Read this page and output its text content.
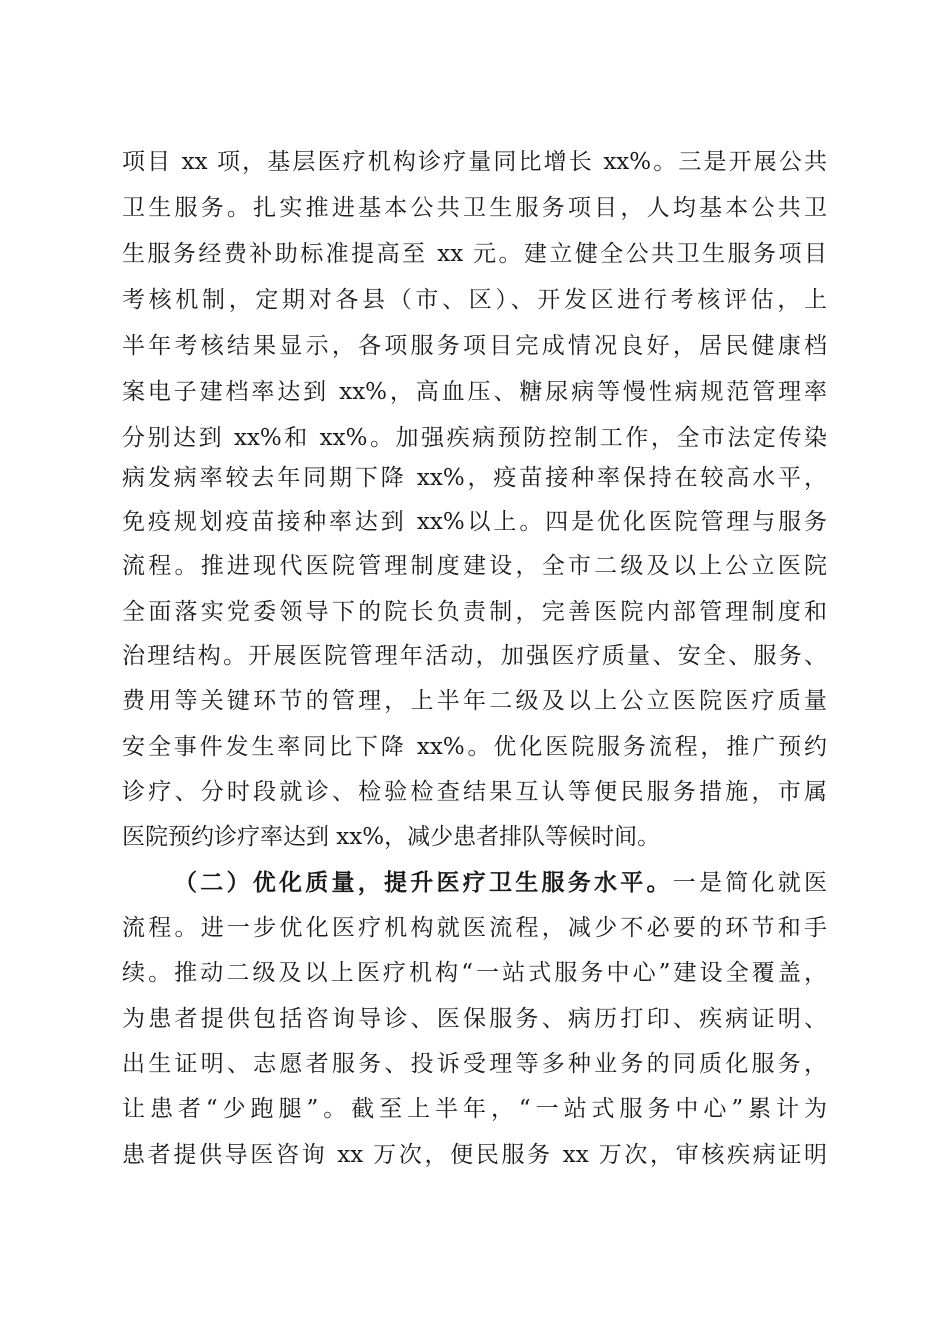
项目 xx 项，基层医疗机构诊疗量同比增长 xx%。三是开展公共
卫生服务。扎实推进基本公共卫生服务项目，人均基本公共卫
生服务经费补助标准提高至 xx 元。建立健全公共卫生服务项目
考核机制，定期对各县（市、区）、开发区进行考核评估，上
半年考核结果显示，各项服务项目完成情况良好，居民健康档
案电子建档率达到 xx%，高血压、糖尿病等慢性病规范管理率
分别达到 xx%和 xx%。加强疾病预防控制工作，全市法定传染
病发病率较去年同期下降 xx%，疫苗接种率保持在较高水平，
免疫规划疫苗接种率达到 xx%以上。四是优化医院管理与服务
流程。推进现代医院管理制度建设，全市二级及以上公立医院
全面落实党委领导下的院长负责制，完善医院内部管理制度和
治理结构。开展医院管理年活动，加强医疗质量、安全、服务、
费用等关键环节的管理，上半年二级及以上公立医院医疗质量
安全事件发生率同比下降 xx%。优化医院服务流程，推广预约
诊疗、分时段就诊、检验检查结果互认等便民服务措施，市属
医院预约诊疗率达到 xx%，减少患者排队等候时间。
（二）优化质量，提升医疗卫生服务水平。一是简化就医
流程。进一步优化医疗机构就医流程，减少不必要的环节和手
续。推动二级及以上医疗机构“一站式服务中心”建设全覆盖，
为患者提供包括咨询导诊、医保服务、病历打印、疾病证明、
出生证明、志愿者服务、投诉受理等多种业务的同质化服务，
让患者“少跑腿”。截至上半年，“一站式服务中心”累计为
患者提供导医咨询 xx 万次，便民服务 xx 万次，审核疾病证明
